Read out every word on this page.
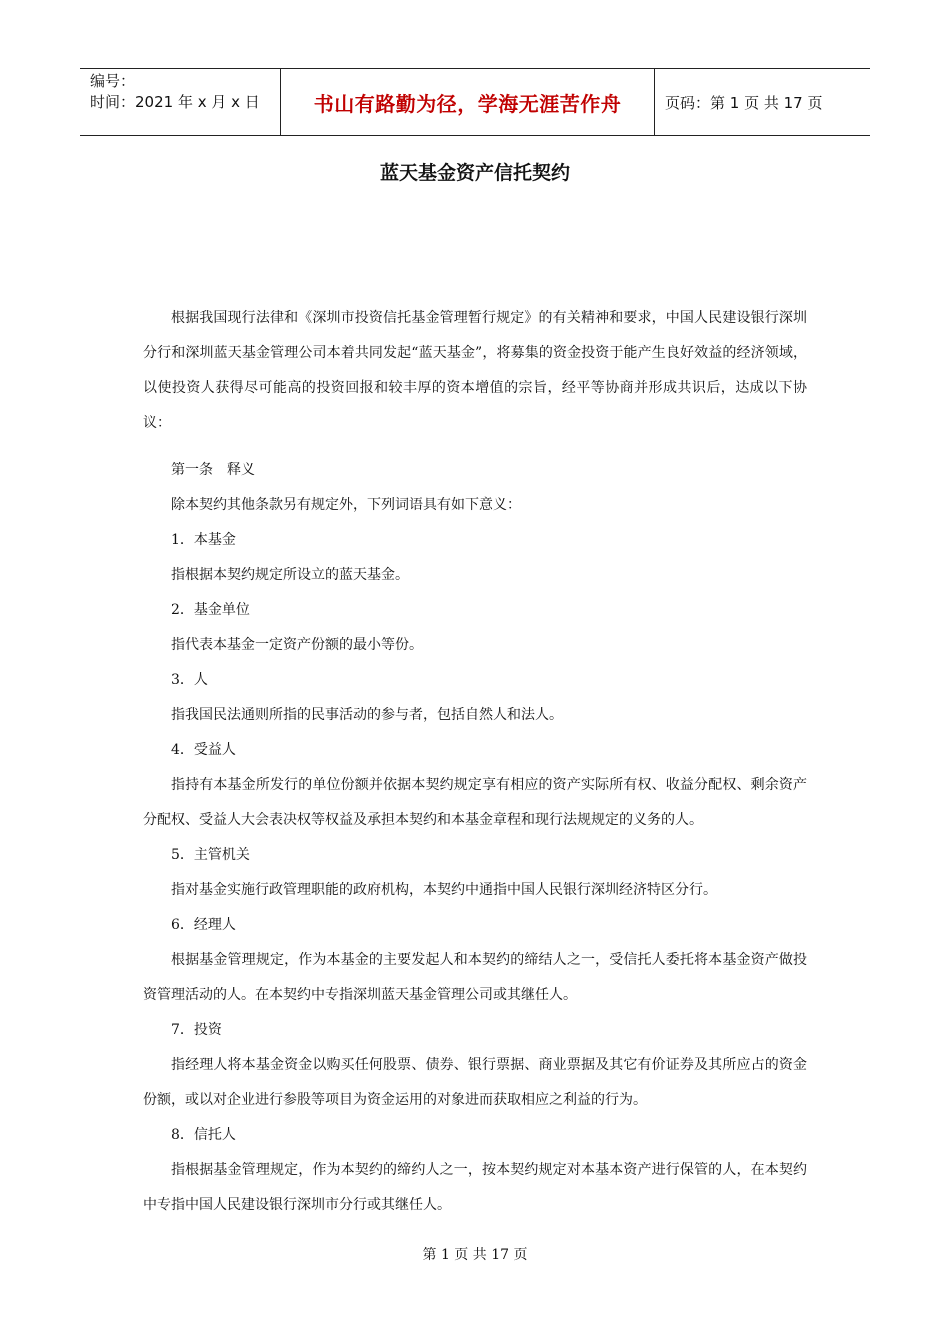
编号：
时间：2021 年 x 月 x 日	书山有路勤为径，学海无涯苦作舟	页码：第 1 页 共 17 页
蓝天基金资产信托契约

根据我国现行法律和《深圳市投资信托基金管理暂行规定》的有关精神和要求，中国人民建设银行深圳分行和深圳蓝天基金管理公司本着共同发起“蓝天基金”，将募集的资金投资于能产生良好效益的经济领域，以使投资人获得尽可能高的投资回报和较丰厚的资本增值的宗旨，经平等协商并形成共识后，达成以下协议：

第一条　释义

除本契约其他条款另有规定外，下列词语具有如下意义：

1．本基金

指根据本契约规定所设立的蓝天基金。

2．基金单位

指代表本基金一定资产份额的最小等份。

3．人

指我国民法通则所指的民事活动的参与者，包括自然人和法人。

4．受益人

指持有本基金所发行的单位份额并依据本契约规定享有相应的资产实际所有权、收益分配权、剩余资产分配权、受益人大会表决权等权益及承担本契约和本基金章程和现行法规规定的义务的人。

5．主管机关

指对基金实施行政管理职能的政府机构，本契约中通指中国人民银行深圳经济特区分行。

6．经理人

根据基金管理规定，作为本基金的主要发起人和本契约的缔结人之一，受信托人委托将本基金资产做投资管理活动的人。在本契约中专指深圳蓝天基金管理公司或其继任人。

7．投资

指经理人将本基金资金以购买任何股票、债券、银行票据、商业票据及其它有价证券及其所应占的资金份额，或以对企业进行参股等项目为资金运用的对象进而获取相应之利益的行为。

8．信托人

指根据基金管理规定，作为本契约的缔约人之一，按本契约规定对本基本资产进行保管的人，在本契约中专指中国人民建设银行深圳市分行或其继任人。

第 1 页 共 17 页
